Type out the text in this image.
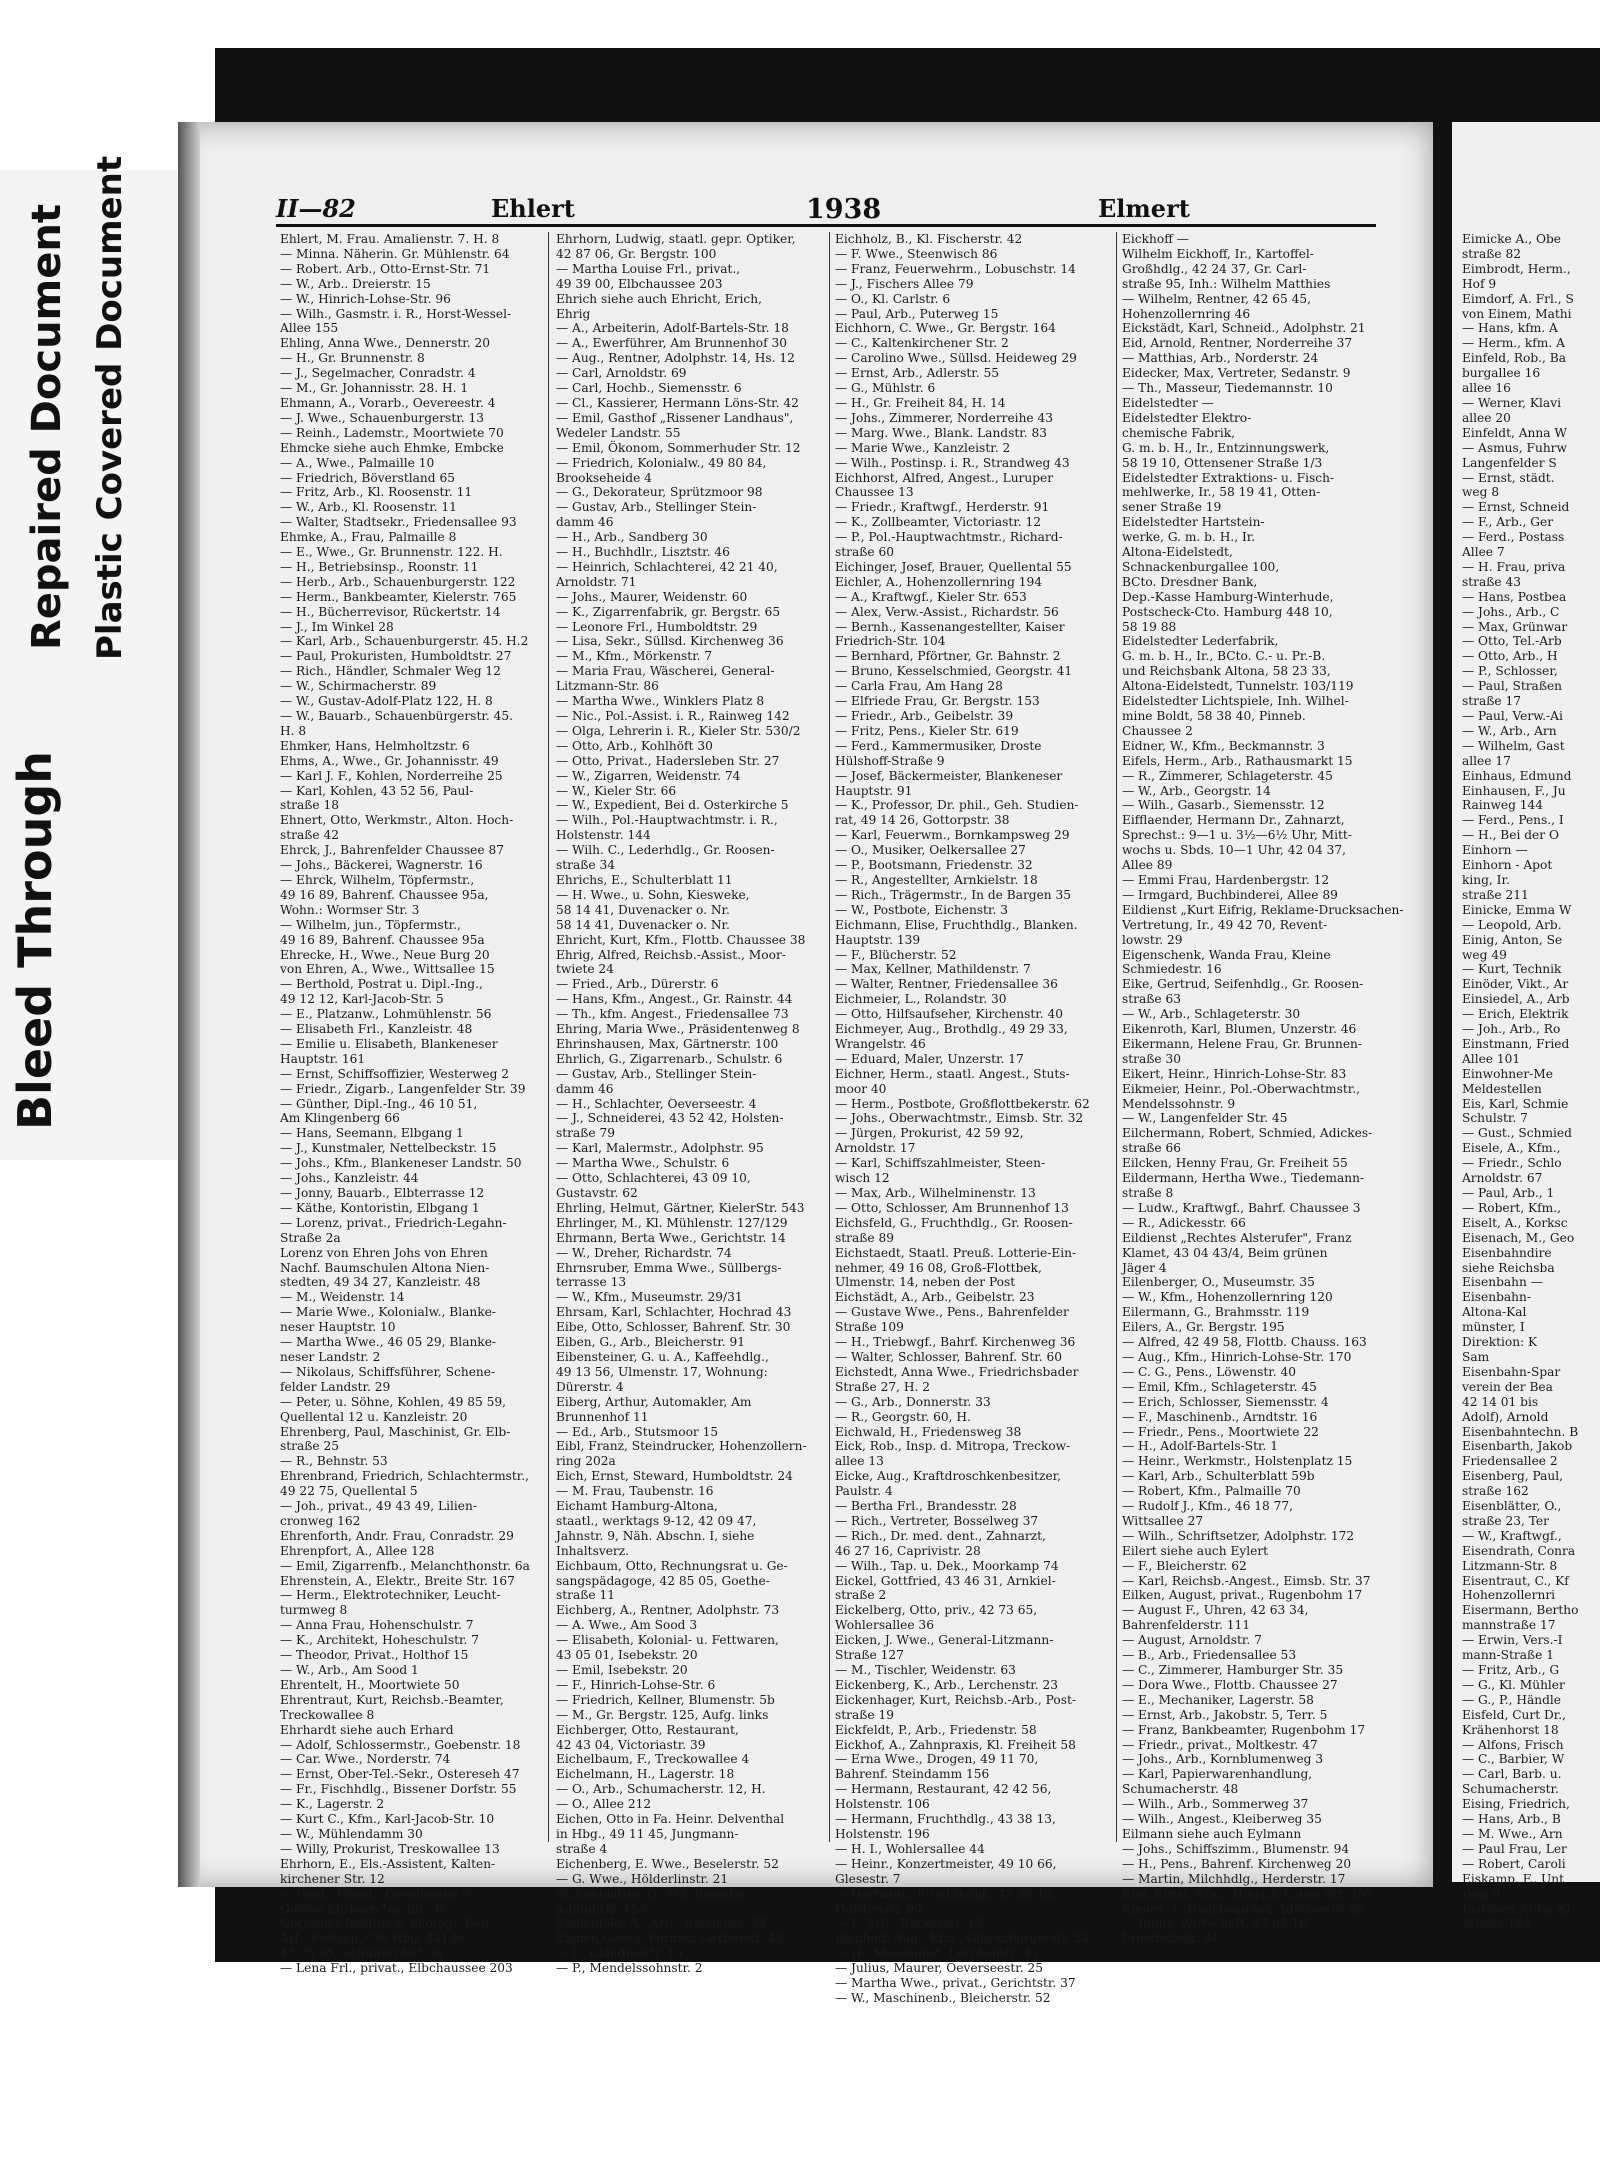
Bleed Through
Repaired Document Plastic Covered Document	II—82	Ehlert	1938	Elmert
Ehlert, M. Frau. Amalienstr. 7. H. 8
— Minna. Näherin. Gr. Mühlenstr. 64
— Robert. Arb., Otto-Ernst-Str. 71
— W., Arb.. Dreierstr. 15
— W., Hinrich-Lohse-Str. 96
— Wilh., Gasmstr. i. R., Horst-Wessel-
Allee 155
Ehling, Anna Wwe., Dennerstr. 20
— H., Gr. Brunnenstr. 8
— J., Segelmacher, Conradstr. 4
— M., Gr. Johannisstr. 28. H. 1
Ehmann, A., Vorarb., Oevereestr. 4
— J. Wwe., Schauenburgerstr. 13
— Reinh., Lademstr., Moortwiete 70
Ehmcke siehe auch Ehmke, Embcke
— A., Wwe., Palmaille 10
— Friedrich, Böverstland 65
— Fritz, Arb., Kl. Roosenstr. 11
— W., Arb., Kl. Roosenstr. 11
— Walter, Stadtsekr., Friedensallee 93
Ehmke, A., Frau, Palmaille 8
— E., Wwe., Gr. Brunnenstr. 122. H.
— H., Betriebsinsp., Roonstr. 11
— Herb., Arb., Schauenburgerstr. 122
— Herm., Bankbeamter, Kielerstr. 765
— H., Bücherrevisor, Rückertstr. 14
— J., Im Winkel 28
— Karl, Arb., Schauenburgerstr. 45. H.2
— Paul, Prokuristen, Humboldtstr. 27
— Rich., Händler, Schmaler Weg 12
— W., Schirmacherstr. 89
— W., Gustav-Adolf-Platz 122, H. 8
— W., Bauarb., Schauenbürgerstr. 45.
H. 8
Ehmker, Hans, Helmholtzstr. 6
Ehms, A., Wwe., Gr. Johannisstr. 49
— Karl J. F., Kohlen, Norderreihe 25
— Karl, Kohlen, 43 52 56, Paul-
straße 18
Ehnert, Otto, Werkmstr., Alton. Hoch-
straße 42
Ehrck, J., Bahrenfelder Chaussee 87
— Johs., Bäckerei, Wagnerstr. 16
— Ehrck, Wilhelm, Töpfermstr.,
49 16 89, Bahrenf. Chaussee 95a,
Wohn.: Wormser Str. 3
— Wilhelm, jun., Töpfermstr.,
49 16 89, Bahrenf. Chaussee 95a
Ehrecke, H., Wwe., Neue Burg 20
von Ehren, A., Wwe., Wittsallee 15
— Berthold, Postrat u. Dipl.-Ing.,
49 12 12, Karl-Jacob-Str. 5
— E., Platzanw., Lohmühlenstr. 56
— Elisabeth Frl., Kanzleistr. 48
— Emilie u. Elisabeth, Blankeneser
Hauptstr. 161
— Ernst, Schiffsoffizier, Westerweg 2
— Friedr., Zigarb., Langenfelder Str. 39
— Günther, Dipl.-Ing., 46 10 51,
Am Klingenberg 66
— Hans, Seemann, Elbgang 1
— J., Kunstmaler, Nettelbeckstr. 15
— Johs., Kfm., Blankeneser Landstr. 50
— Johs., Kanzleistr. 44
— Jonny, Bauarb., Elbterrasse 12
— Käthe, Kontoristin, Elbgang 1
— Lorenz, privat., Friedrich-Legahn-
Straße 2a
Lorenz von Ehren Johs von Ehren
Nachf. Baumschulen Altona Nien-
stedten, 49 34 27, Kanzleistr. 48
— M., Weidenstr. 14
— Marie Wwe., Kolonialw., Blanke-
neser Hauptstr. 10
— Martha Wwe., 46 05 29, Blanke-
neser Landstr. 2
— Nikolaus, Schiffsführer, Schene-
felder Landstr. 29
— Peter, u. Söhne, Kohlen, 49 85 59,
Quellental 12 u. Kanzleistr. 20
Ehrenberg, Paul, Maschinist, Gr. Elb-
straße 25
— R., Behnstr. 53
Ehrenbrand, Friedrich, Schlachtermstr.,
49 22 75, Quellental 5
— Joh., privat., 49 43 49, Lilien-
cronweg 162
Ehrenforth, Andr. Frau, Conradstr. 29
Ehrenpfort, A., Allee 128
— Emil, Zigarrenfb., Melanchthonstr. 6a
Ehrenstein, A., Elektr., Breite Str. 167
— Herm., Elektrotechniker, Leucht-
turmweg 8
— Anna Frau, Hohenschulstr. 7
— K., Architekt, Hoheschulstr. 7
— Theodor, Privat., Holthof 15
— W., Arb., Am Sood 1
Ehrentelt, H., Moortwiete 50
Ehrentraut, Kurt, Reichsb.-Beamter,
Treckowallee 8
Ehrhardt siehe auch Erhard
— Adolf, Schlossermstr., Goebenstr. 18
— Car. Wwe., Norderstr. 74
— Ernst, Ober-Tel.-Sekr., Ostereseh 47
— Fr., Fischhdlg., Bissener Dorfstr. 55
— K., Lagerstr. 2
— Kurt C., Kfm., Karl-Jacob-Str. 10
— W., Mühlendamm 30
— Willy, Prokurist, Treskowallee 13
Ehrhorn, E., Els.-Assistent, Kalten-
kirchener Str. 12
— Ferd., Privat., Oevelgönne 3
Gustav Ehrhorn Nachfl., Ir.
Optisches Institut u. photogr. Bed.-
Art., Postsch.-Cto Hbg. 44136,
43 05 95, Schulterblatt 36
— Lena Frl., privat., Elbchaussee 203
Ehrhorn, Ludwig, staatl. gepr. Optiker,
42 87 06, Gr. Bergstr. 100
— Martha Louise Frl., privat.,
49 39 00, Elbchaussee 203
Ehrich siehe auch Ehricht, Erich,
Ehrig
— A., Arbeiterin, Adolf-Bartels-Str. 18
— A., Ewerführer, Am Brunnenhof 30
— Aug., Rentner, Adolphstr. 14, Hs. 12
— Carl, Arnoldstr. 69
— Carl, Hochb., Siemensstr. 6
— Cl., Kassierer, Hermann Löns-Str. 42
— Emil, Gasthof „Rissener Landhaus",
Wedeler Landstr. 55
— Emil, Ökonom, Sommerhuder Str. 12
— Friedrich, Kolonialw., 49 80 84,
Brookseheide 4
— G., Dekorateur, Sprützmoor 98
— Gustav, Arb., Stellinger Stein-
damm 46
— H., Arb., Sandberg 30
— H., Buchhdlr., Lisztstr. 46
— Heinrich, Schlachterei, 42 21 40,
Arnoldstr. 71
— Johs., Maurer, Weidenstr. 60
— K., Zigarrenfabrik, gr. Bergstr. 65
— Leonore Frl., Humboldtstr. 29
— Lisa, Sekr., Süllsd. Kirchenweg 36
— M., Kfm., Mörkenstr. 7
— Maria Frau, Wäscherei, General-
Litzmann-Str. 86
— Martha Wwe., Winklers Platz 8
— Nic., Pol.-Assist. i. R., Rainweg 142
— Olga, Lehrerin i. R., Kieler Str. 530/2
— Otto, Arb., Kohlhöft 30
— Otto, Privat., Hadersleben Str. 27
— W., Zigarren, Weidenstr. 74
— W., Kieler Str. 66
— W., Expedient, Bei d. Osterkirche 5
— Wilh., Pol.-Hauptwachtmstr. i. R.,
Holstenstr. 144
— Wilh. C., Lederhdlg., Gr. Roosen-
straße 34
Ehrichs, E., Schulterblatt 11
— H. Wwe., u. Sohn, Kiesweke,
58 14 41, Duvenacker o. Nr.
58 14 41, Duvenacker o. Nr.
Ehricht, Kurt, Kfm., Flottb. Chaussee 38
Ehrig, Alfred, Reichsb.-Assist., Moor-
twiete 24
— Fried., Arb., Dürerstr. 6
— Hans, Kfm., Angest., Gr. Rainstr. 44
— Th., kfm. Angest., Friedensallee 73
Ehring, Maria Wwe., Präsidentenweg 8
Ehrinshausen, Max, Gärtnerstr. 100
Ehrlich, G., Zigarrenarb., Schulstr. 6
— Gustav, Arb., Stellinger Stein-
damm 46
— H., Schlachter, Oeverseestr. 4
— J., Schneiderei, 43 52 42, Holsten-
straße 79
— Karl, Malermstr., Adolphstr. 95
— Martha Wwe., Schulstr. 6
— Otto, Schlachterei, 43 09 10,
Gustavstr. 62
Ehrling, Helmut, Gärtner, KielerStr. 543
Ehrlinger, M., Kl. Mühlenstr. 127/129
Ehrmann, Berta Wwe., Gerichtstr. 14
— W., Dreher, Richardstr. 74
Ehrnsruber, Emma Wwe., Süllbergs-
terrasse 13
— W., Kfm., Museumstr. 29/31
Ehrsam, Karl, Schlachter, Hochrad 43
Eibe, Otto, Schlosser, Bahrenf. Str. 30
Eiben, G., Arb., Bleicherstr. 91
Eibensteiner, G. u. A., Kaffeehdlg.,
49 13 56, Ulmenstr. 17, Wohnung:
Dürerstr. 4
Eiberg, Arthur, Automakler, Am
Brunnenhof 11
— Ed., Arb., Stutsmoor 15
Eibl, Franz, Steindrucker, Hohenzollern-
ring 202a
Eich, Ernst, Steward, Humboldtstr. 24
— M. Frau, Taubenstr. 16
Eichamt Hamburg-Altona,
staatl., werktags 9-12, 42 09 47,
Jahnstr. 9, Näh. Abschn. I, siehe
Inhaltsverz.
Eichbaum, Otto, Rechnungsrat u. Ge-
sangspädagoge, 42 85 05, Goethe-
straße 11
Eichberg, A., Rentner, Adolphstr. 73
— A. Wwe., Am Sood 3
— Elisabeth, Kolonial- u. Fettwaren,
43 05 01, Isebekstr. 20
— Emil, Isebekstr. 20
— F., Hinrich-Lohse-Str. 6
— Friedrich, Kellner, Blumenstr. 5b
— M., Gr. Bergstr. 125, Aufg. links
Eichberger, Otto, Restaurant,
42 43 04, Victoriastr. 39
Eichelbaum, F., Treckowallee 4
Eichelmann, H., Lagerstr. 18
— O., Arb., Schumacherstr. 12, H.
— O., Allee 212
Eichen, Otto in Fa. Heinr. Delventhal
in Hbg., 49 11 45, Jungmann-
straße 4
Eichenberg, E. Wwe., Beselerstr. 52
— G. Wwe., Hölderlinstr. 21
Eichenblätter, O., Pol.-Beamter,
Adolphstr. 153
Eichenfeld, A., Arb., Rolandstr. 22
Eicher, Georg, Former, Gerberstr. 43
— P., Claudiusstr. 10
— P., Mendelssohnstr. 2
Eichholz, B., Kl. Fischerstr. 42
— F. Wwe., Steenwisch 86
— Franz, Feuerwehrm., Lobuschstr. 14
— J., Fischers Allee 79
— O., Kl. Carlstr. 6
— Paul, Arb., Puterweg 15
Eichhorn, C. Wwe., Gr. Bergstr. 164
— C., Kaltenkirchener Str. 2
— Carolino Wwe., Süllsd. Heideweg 29
— Ernst, Arb., Adlerstr. 55
— G., Mühlstr. 6
— H., Gr. Freiheit 84, H. 14
— Johs., Zimmerer, Norderreihe 43
— Marg. Wwe., Blank. Landstr. 83
— Marie Wwe., Kanzleistr. 2
— Wilh., Postinsp. i. R., Strandweg 43
Eichhorst, Alfred, Angest., Luruper
Chaussee 13
— Friedr., Kraftwgf., Herderstr. 91
— K., Zollbeamter, Victoriastr. 12
— P., Pol.-Hauptwachtmstr., Richard-
straße 60
Eichinger, Josef, Brauer, Quellental 55
Eichler, A., Hohenzollernring 194
— A., Kraftwgf., Kieler Str. 653
— Alex, Verw.-Assist., Richardstr. 56
— Bernh., Kassenangestellter, Kaiser
Friedrich-Str. 104
— Bernhard, Pförtner, Gr. Bahnstr. 2
— Bruno, Kesselschmied, Georgstr. 41
— Carla Frau, Am Hang 28
— Elfriede Frau, Gr. Bergstr. 153
— Friedr., Arb., Geibelstr. 39
— Fritz, Pens., Kieler Str. 619
— Ferd., Kammermusiker, Droste
Hülshoff-Straße 9
— Josef, Bäckermeister, Blankeneser
Hauptstr. 91
— K., Professor, Dr. phil., Geh. Studien-
rat, 49 14 26, Gottorpstr. 38
— Karl, Feuerwm., Bornkampsweg 29
— O., Musiker, Oelkersallee 27
— P., Bootsmann, Friedenstr. 32
— R., Angestellter, Arnkielstr. 18
— Rich., Trägermstr., In de Bargen 35
— W., Postbote, Eichenstr. 3
Eichmann, Elise, Fruchthdlg., Blanken.
Hauptstr. 139
— F., Blücherstr. 52
— Max, Kellner, Mathildenstr. 7
— Walter, Rentner, Friedensallee 36
Eichmeier, L., Rolandstr. 30
— Otto, Hilfsaufseher, Kirchenstr. 40
Eichmeyer, Aug., Brothdlg., 49 29 33,
Wrangelstr. 46
— Eduard, Maler, Unzerstr. 17
Eichner, Herm., staatl. Angest., Stuts-
moor 40
— Herm., Postbote, Großflottbekerstr. 62
— Johs., Oberwachtmstr., Eimsb. Str. 32
— Jürgen, Prokurist, 42 59 92,
Arnoldstr. 17
— Karl, Schiffszahlmeister, Steen-
wisch 12
— Max, Arb., Wilhelminenstr. 13
— Otto, Schlosser, Am Brunnenhof 13
Eichsfeld, G., Fruchthdlg., Gr. Roosen-
straße 89
Eichstaedt, Staatl. Preuß. Lotterie-Ein-
nehmer, 49 16 08, Groß-Flottbek,
Ulmenstr. 14, neben der Post
Eichstädt, A., Arb., Geibelstr. 23
— Gustave Wwe., Pens., Bahrenfelder
Straße 109
— H., Triebwgf., Bahrf. Kirchenweg 36
— Walter, Schlosser, Bahrenf. Str. 60
Eichstedt, Anna Wwe., Friedrichsbader
Straße 27, H. 2
— G., Arb., Donnerstr. 33
— R., Georgstr. 60, H.
Eichwald, H., Friedensweg 38
Eick, Rob., Insp. d. Mitropa, Treckow-
allee 13
Eicke, Aug., Kraftdroschkenbesitzer,
Paulstr. 4
— Bertha Frl., Brandesstr. 28
— Rich., Vertreter, Bosselweg 37
— Rich., Dr. med. dent., Zahnarzt,
46 27 16, Caprivistr. 28
— Wilh., Tap. u. Dek., Moorkamp 74
Eickel, Gottfried, 43 46 31, Arnkiel-
straße 2
Eickelberg, Otto, priv., 42 73 65,
Wohlersallee 36
Eicken, J. Wwe., General-Litzmann-
Straße 127
— M., Tischler, Weidenstr. 63
Eickenberg, K., Arb., Lerchenstr. 23
Eickenhager, Kurt, Reichsb.-Arb., Post-
straße 19
Eickfeldt, P., Arb., Friedenstr. 58
Eickhof, A., Zahnpraxis, Kl. Freiheit 58
— Erna Wwe., Drogen, 49 11 70,
Bahrenf. Steindamm 156
— Hermann, Restaurant, 42 42 56,
Holstenstr. 106
— Hermann, Fruchthdlg., 43 38 13,
Holstenstr. 196
— H. I., Wohlersallee 44
— Heinr., Konzertmeister, 49 10 66,
Glesestr. 7
— Hermann, Fruchthdlg., 43 38 13,
Holstenstr. 99
— J., Arb., Bäckerstr. 13
Eichhoff, Aug., Kfm., Glücksburgerstr. 24
— H., Maschinist, Lerchenstr. 43
— Julius, Maurer, Oeverseestr. 25
— Martha Wwe., privat., Gerichtstr. 37
— W., Maschinenb., Bleicherstr. 52
Eickhoff —
Wilhelm Eickhoff, Ir., Kartoffel-
Großhdlg., 42 24 37, Gr. Carl-
straße 95, Inh.: Wilhelm Matthies
— Wilhelm, Rentner, 42 65 45,
Hohenzollernring 46
Eickstädt, Karl, Schneid., Adolphstr. 21
Eid, Arnold, Rentner, Norderreihe 37
— Matthias, Arb., Norderstr. 24
Eidecker, Max, Vertreter, Sedanstr. 9
— Th., Masseur, Tiedemannstr. 10
Eidelstedter —
Eidelstedter Elektro-
chemische Fabrik,
G. m. b. H., Ir., Entzinnungswerk,
58 19 10, Ottensener Straße 1/3
Eidelstedter Extraktions- u. Fisch-
mehlwerke, Ir., 58 19 41, Otten-
sener Straße 19
Eidelstedter Hartstein-
werke, G. m. b. H., Ir.
Altona-Eidelstedt,
Schnackenburgallee 100,
BCto. Dresdner Bank,
Dep.-Kasse Hamburg-Winterhude,
Postscheck-Cto. Hamburg 448 10,
58 19 88
Eidelstedter Lederfabrik,
G. m. b. H., Ir., BCto. C.- u. Pr.-B.
und Reichsbank Altona, 58 23 33,
Altona-Eidelstedt, Tunnelstr. 103/119
Eidelstedter Lichtspiele, Inh. Wilhel-
mine Boldt, 58 38 40, Pinneb.
Chaussee 2
Eidner, W., Kfm., Beckmannstr. 3
Eifels, Herm., Arb., Rathausmarkt 15
— R., Zimmerer, Schlageterstr. 45
— W., Arb., Georgstr. 14
— Wilh., Gasarb., Siemensstr. 12
Eifflaender, Hermann Dr., Zahnarzt,
Sprechst.: 9—1 u. 3½—6½ Uhr, Mitt-
wochs u. Sbds. 10—1 Uhr, 42 04 37,
Allee 89
— Emmi Frau, Hardenbergstr. 12
— Irmgard, Buchbinderei, Allee 89
Eildienst „Kurt Eifrig, Reklame-Drucksachen-
Vertretung, Ir., 49 42 70, Revent-
lowstr. 29
Eigenschenk, Wanda Frau, Kleine
Schmiedestr. 16
Eike, Gertrud, Seifenhdlg., Gr. Roosen-
straße 63
— W., Arb., Schlageterstr. 30
Eikenroth, Karl, Blumen, Unzerstr. 46
Eikermann, Helene Frau, Gr. Brunnen-
straße 30
Eikert, Heinr., Hinrich-Lohse-Str. 83
Eikmeier, Heinr., Pol.-Oberwachtmstr.,
Mendelssohnstr. 9
— W., Langenfelder Str. 45
Eilchermann, Robert, Schmied, Adickes-
straße 66
Eilcken, Henny Frau, Gr. Freiheit 55
Eildermann, Hertha Wwe., Tiedemann-
straße 8
— Ludw., Kraftwgf., Bahrf. Chaussee 3
— R., Adickesstr. 66
Eildienst „Rechtes Alsterufer", Franz
Klamet, 43 04 43/4, Beim grünen
Jäger 4
Eilenberger, O., Museumstr. 35
— W., Kfm., Hohenzollernring 120
Eilermann, G., Brahmsstr. 119
Eilers, A., Gr. Bergstr. 195
— Alfred, 42 49 58, Flottb. Chauss. 163
— Aug., Kfm., Hinrich-Lohse-Str. 170
— C. G., Pens., Löwenstr. 40
— Emil, Kfm., Schlageterstr. 45
— Erich, Schlosser, Siemensstr. 4
— F., Maschinenb., Arndtstr. 16
— Friedr., Pens., Moortwiete 22
— H., Adolf-Bartels-Str. 1
— Heinr., Werkmstr., Holstenplatz 15
— Karl, Arb., Schulterblatt 59b
— Robert, Kfm., Palmaille 70
— Rudolf J., Kfm., 46 18 77,
Wittsallee 27
— Wilh., Schriftsetzer, Adolphstr. 172
Eilert siehe auch Eylert
— F., Bleicherstr. 62
— Karl, Reichsb.-Angest., Eimsb. Str. 37
Eilken, August, privat., Rugenbohm 17
— August F., Uhren, 42 63 34,
Bahrenfelderstr. 111
— August, Arnoldstr. 7
— B., Arb., Friedensallee 53
— C., Zimmerer, Hamburger Str. 35
— Dora Wwe., Flottb. Chaussee 27
— E., Mechaniker, Lagerstr. 58
— Ernst, Arb., Jakobstr. 5, Terr. 5
— Franz, Bankbeamter, Rugenbohm 17
— Friedr., privat., Moltkestr. 47
— Johs., Arb., Kornblumenweg 3
— Karl, Papierwarenhandlung,
Schumacherstr. 48
— Wilh., Arb., Sommerweg 37
— Wilh., Angest., Kleiberweg 35
Eilmann siehe auch Eylmann
— Johs., Schiffszimm., Blumenstr. 94
— H., Pens., Bahrenf. Kirchenweg 20
— Martin, Milchhdlg., Herderstr. 17
Eim, Ernst, Kfm., Hinrich-Lohse-Str. 257
Eimert, J., Bankbeamter, Adickesstr. 62
— Julius, Wirtschaft, 43 01 16,
Friedrichstr. 84
Eimicke A., Obe
straße 82
Eimbrodt, Herm.,
Hof 9
Eimdorf, A. Frl., S
von Einem, Mathi
— Hans, kfm. A
— Herm., kfm. A
Einfeld, Rob., Ba
burgallee 16
allee 16
— Werner, Klavi
allee 20
Einfeldt, Anna W
— Asmus, Fuhrw
Langenfelder S
— Ernst, städt.
weg 8
— Ernst, Schneid
— F., Arb., Ger
— Ferd., Postass
Allee 7
— H. Frau, priva
straße 43
— Hans, Postbea
— Johs., Arb., C
— Max, Grünwar
— Otto, Tel.-Arb
— Otto, Arb., H
— P., Schlosser,
— Paul, Straßen
straße 17
— Paul, Verw.-Ai
— W., Arb., Arn
— Wilhelm, Gast
allee 17
Einhaus, Edmund
Einhausen, F., Ju
Rainweg 144
— Ferd., Pens., I
— H., Bei der O
Einhorn —
Einhorn - Apot
king, Ir.
straße 211
Einicke, Emma W
— Leopold, Arb.
Einig, Anton, Se
weg 49
— Kurt, Technik
Einöder, Vikt., Ar
Einsiedel, A., Arb
— Erich, Elektrik
— Joh., Arb., Ro
Einstmann, Fried
Allee 101
Einwohner-Me
Meldestellen
Eis, Karl, Schmie
Schulstr. 7
— Gust., Schmied
Eisele, A., Kfm.,
— Friedr., Schlo
Arnoldstr. 67
— Paul, Arb., 1
— Robert, Kfm.,
Eiselt, A., Korksc
Eisenach, M., Geo
Eisenbahndire
siehe Reichsba
Eisenbahn —
Eisenbahn-
Altona-Kal
münster, I
Direktion: K
Sam
Eisenbahn-Spar
verein der Bea
42 14 01 bis
Adolf), Arnold
Eisenbahntechn. B
Eisenbarth, Jakob
Friedensallee 2
Eisenberg, Paul,
straße 162
Eisenblätter, O.,
straße 23, Ter
— W., Kraftwgf.,
Eisendrath, Conra
Litzmann-Str. 8
Eisentraut, C., Kf
Hohenzollernri
Eisermann, Bertho
mannstraße 17
— Erwin, Vers.-I
mann-Straße 1
— Fritz, Arb., G
— G., Kl. Mühler
— G., P., Händle
Eisfeld, Curt Dr.,
Krähenhorst 18
— Alfons, Frisch
— C., Barbier, W
— Carl, Barb. u.
Schumacherstr.
Eising, Friedrich,
— Hans, Arb., B
— M. Wwe., Arn
— Paul Frau, Ler
— Robert, Caroli
Eiskamp, F., Unt
Weg 9
Eisleben, Otto, Kl
Straße 144
